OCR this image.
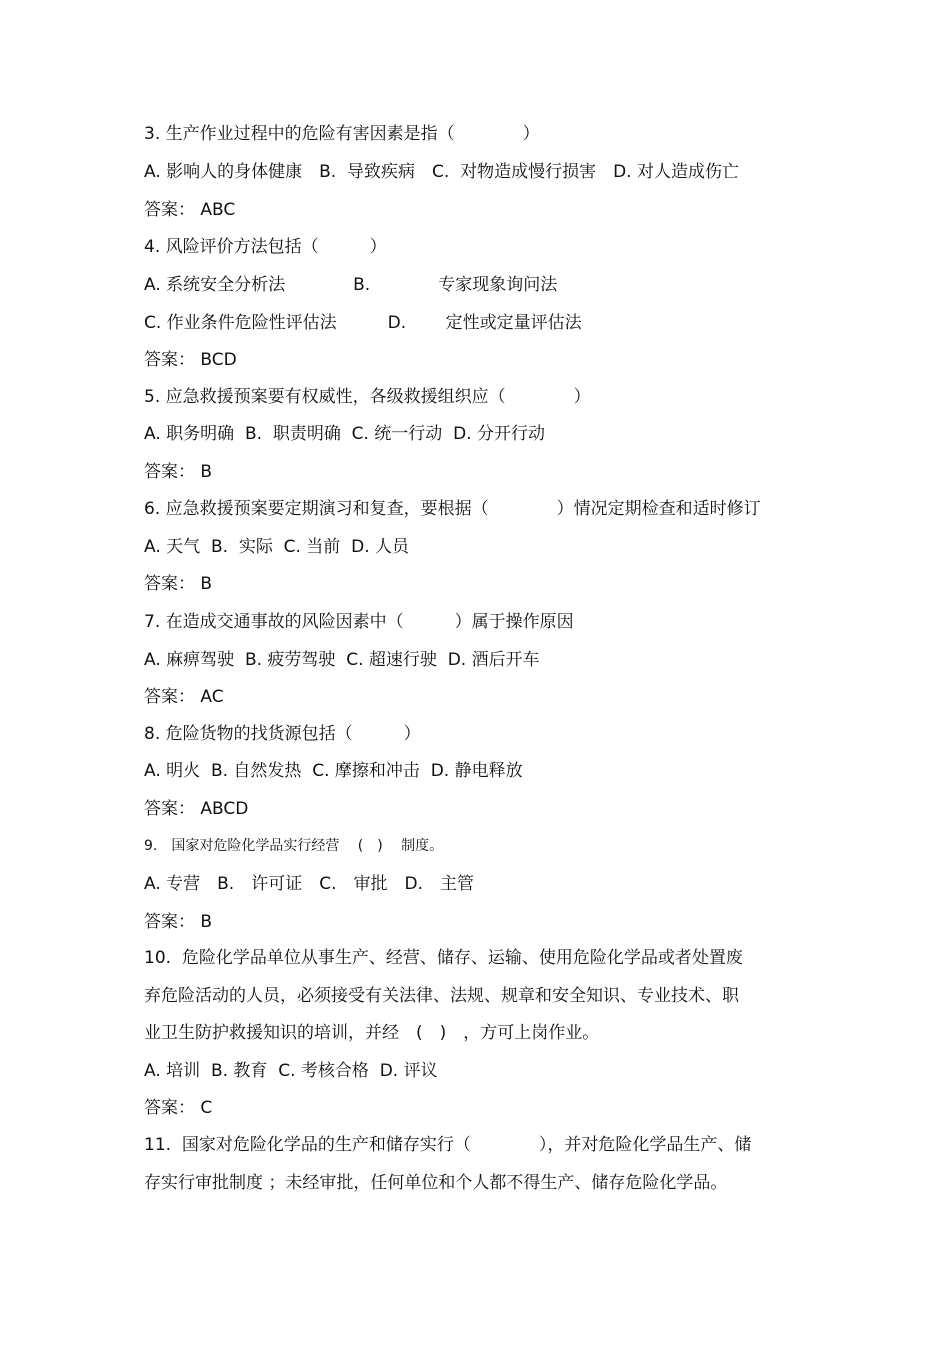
3. 生产作业过程中的危险有害因素是指（　　　　）
A. 影响人的身体健康　B.  导致疾病　C.  对物造成慢行损害　D. 对人造成伤亡
答案： ABC
4. 风险评价方法包括（　　　）
A. 系统安全分析法　　　　B.　　　　专家现象询问法
C. 作业条件危险性评估法　　　D.　　 定性或定量评估法
答案： BCD
5. 应急救援预案要有权威性，各级救援组织应（　　　　）
A. 职务明确  B.  职责明确  C. 统一行动  D. 分开行动
答案： B
6. 应急救援预案要定期演习和复查，要根据（　　　　）情况定期检查和适时修订
A. 天气  B.  实际  C. 当前  D. 人员
答案： B
7. 在造成交通事故的风险因素中（　　　）属于操作原因
A. 麻痹驾驶  B. 疲劳驾驶  C. 超速行驶  D. 酒后开车
答案： AC
8. 危险货物的找货源包括（　　　）
A. 明火  B. 自然发热  C. 摩擦和冲击  D. 静电释放
答案： ABCD
9.　国家对危险化学品实行经营　 (　)　 制度。
A. 专营　B.　许可证　C.　审批　D.　主管
答案： B
10.  危险化学品单位从事生产、经营、储存、运输、使用危险化学品或者处置废
弃危险活动的人员，必须接受有关法律、法规、规章和安全知识、专业技术、职
业卫生防护救援知识的培训，并经　(　)　，方可上岗作业。
A. 培训  B. 教育  C. 考核合格  D. 评议
答案： C
11.  国家对危险化学品的生产和储存实行（　　　　），并对危险化学品生产、储
存实行审批制度 ；未经审批，任何单位和个人都不得生产、储存危险化学品。
